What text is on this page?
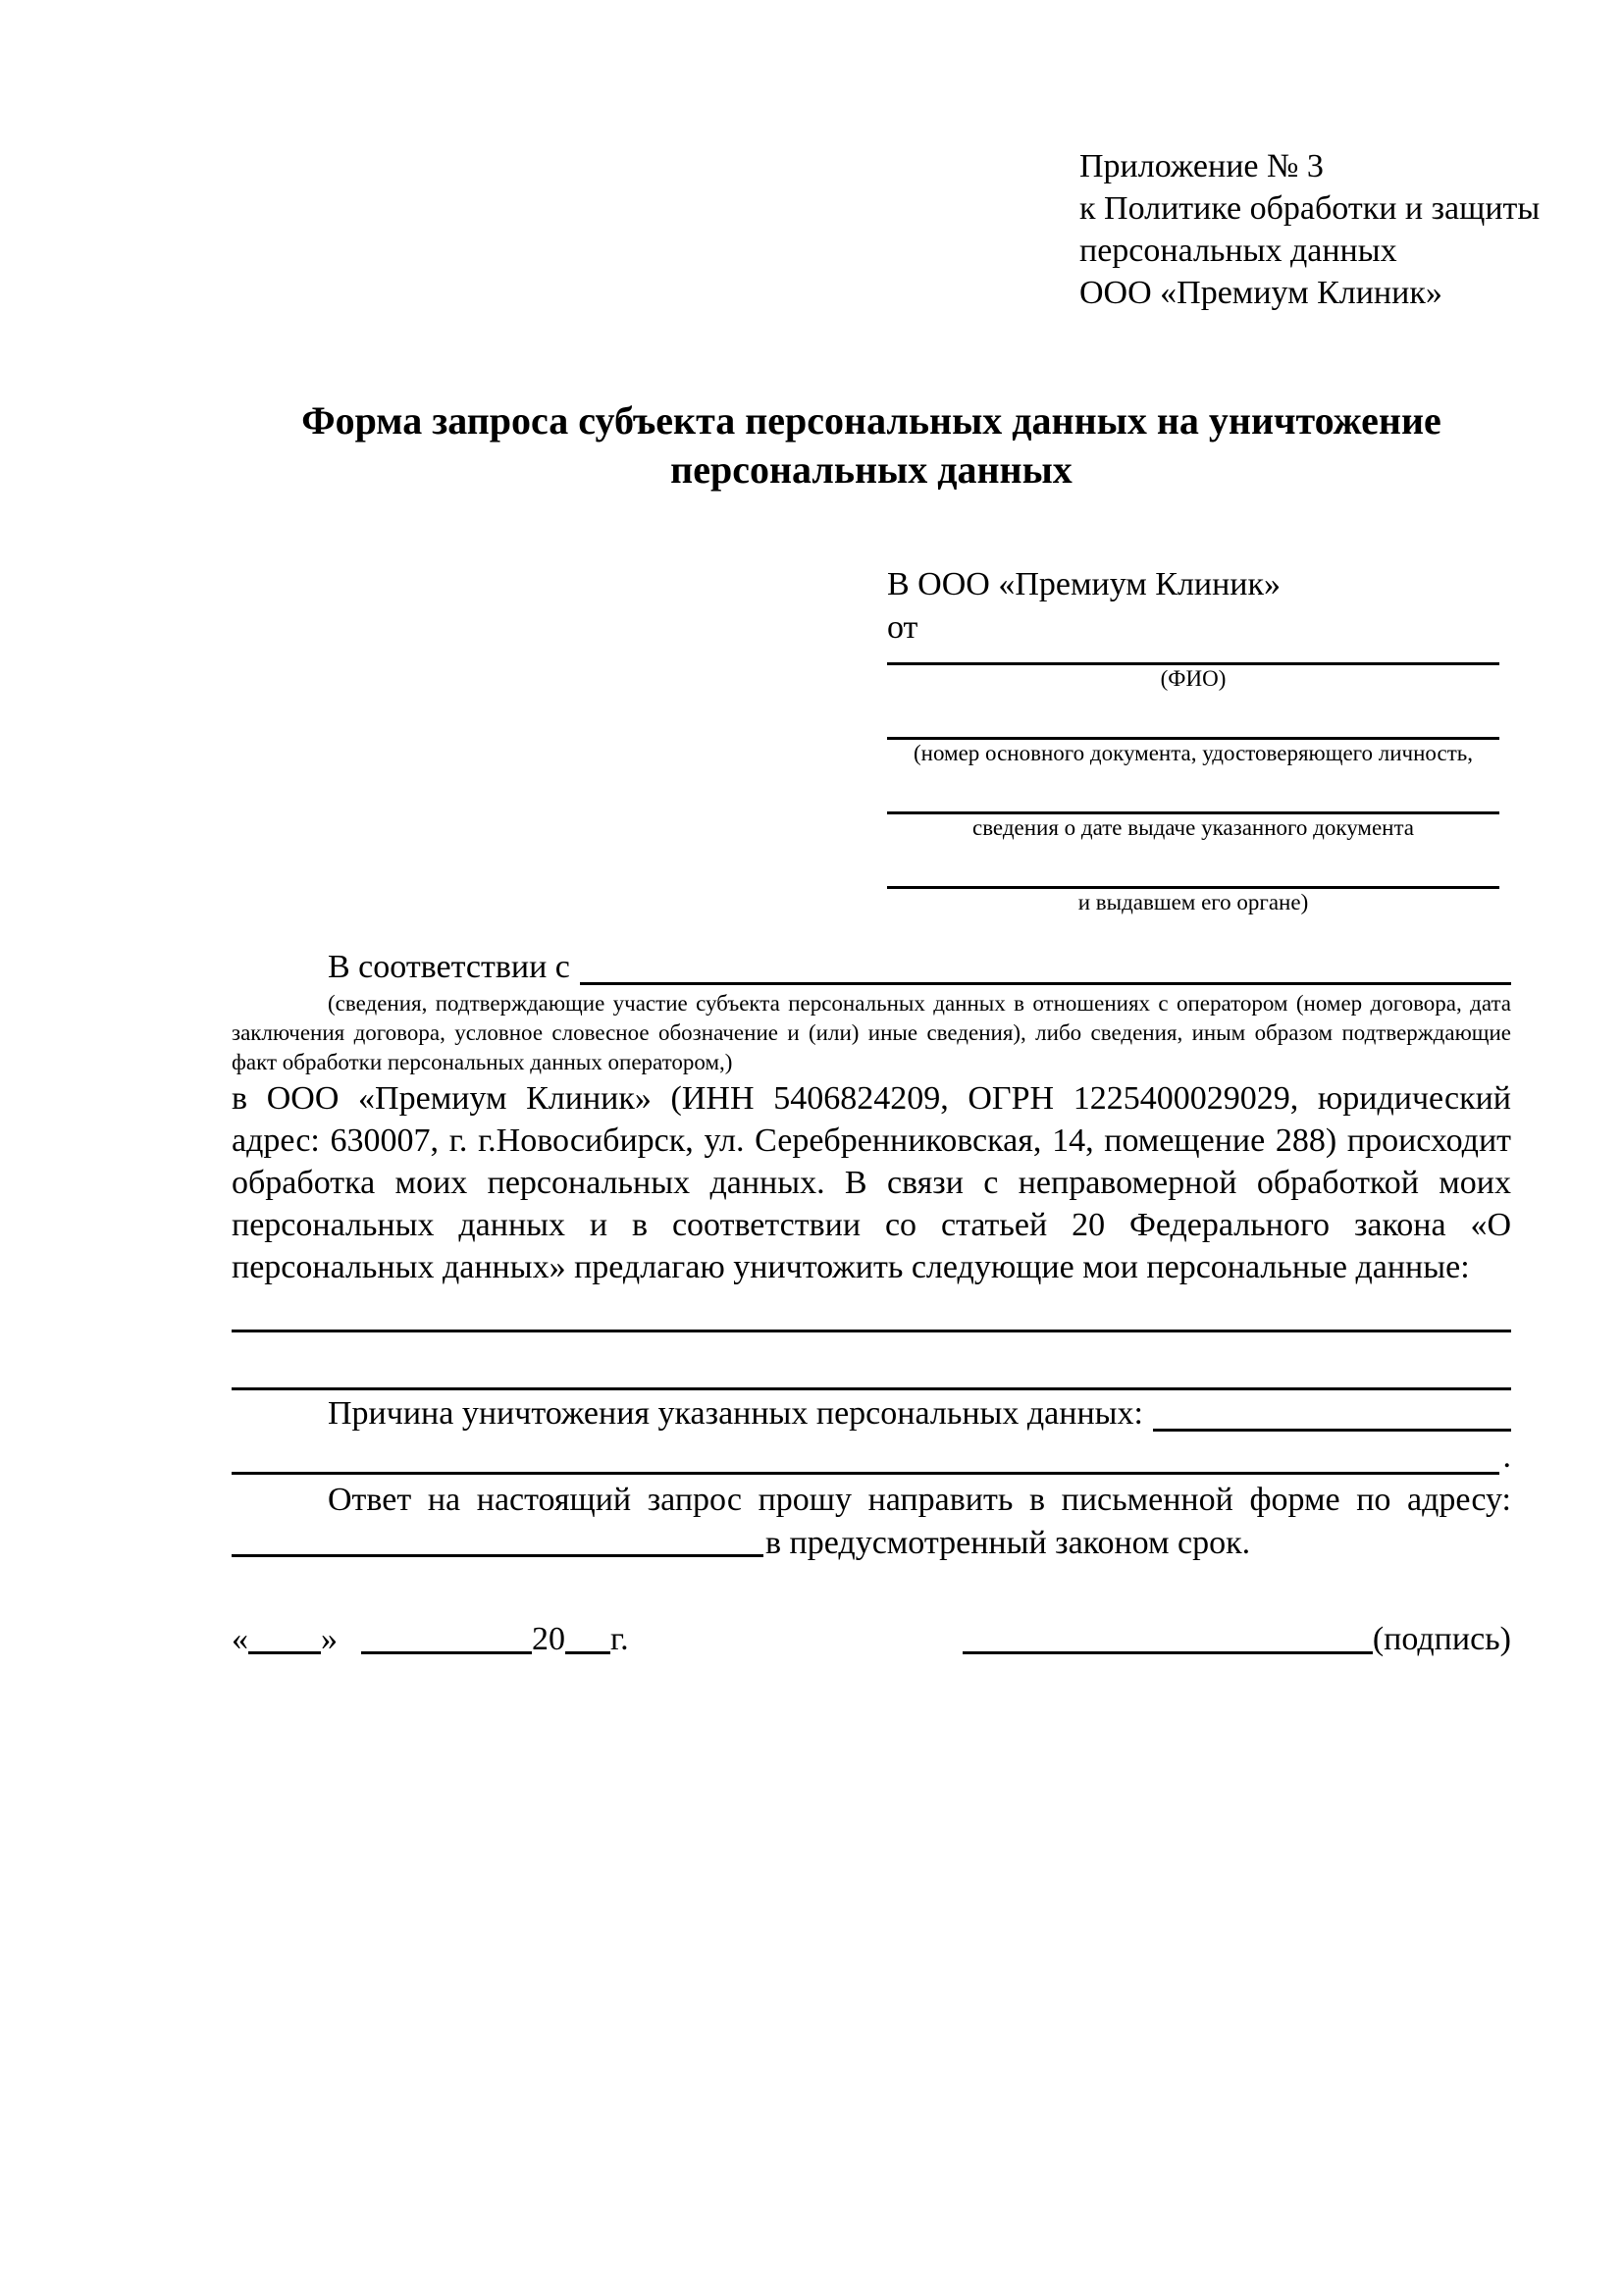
Приложение № 3
к Политике обработки и защиты
персональных данных
ООО «Премиум Клиник»
Форма запроса субъекта персональных данных на уничтожение персональных данных
В ООО «Премиум Клиник»
от
(ФИО)
(номер основного документа, удостоверяющего личность,
сведения о дате выдаче указанного документа
и выдавшем его органе)
В соответствии с

(сведения, подтверждающие участие субъекта персональных данных в отношениях с оператором (номер договора, дата заключения договора, условное словесное обозначение и (или) иные сведения), либо сведения, иным образом подтверждающие факт обработки персональных данных оператором,)

в ООО «Премиум Клиник» (ИНН 5406824209, ОГРН 1225400029029, юридический адрес: 630007, г. г.Новосибирск, ул. Серебренниковская, 14, помещение 288) происходит обработка моих персональных данных. В связи с неправомерной обработкой моих персональных данных и в соответствии со статьей 20 Федерального закона «О персональных данных» предлагаю уничтожить следующие мои персональные данные:

Причина уничтожения указанных персональных данных:
.
Ответ на настоящий запрос прошу направить в письменной форме по адресу:
в предусмотренный законом срок.
« »	20 г.	(подпись)
